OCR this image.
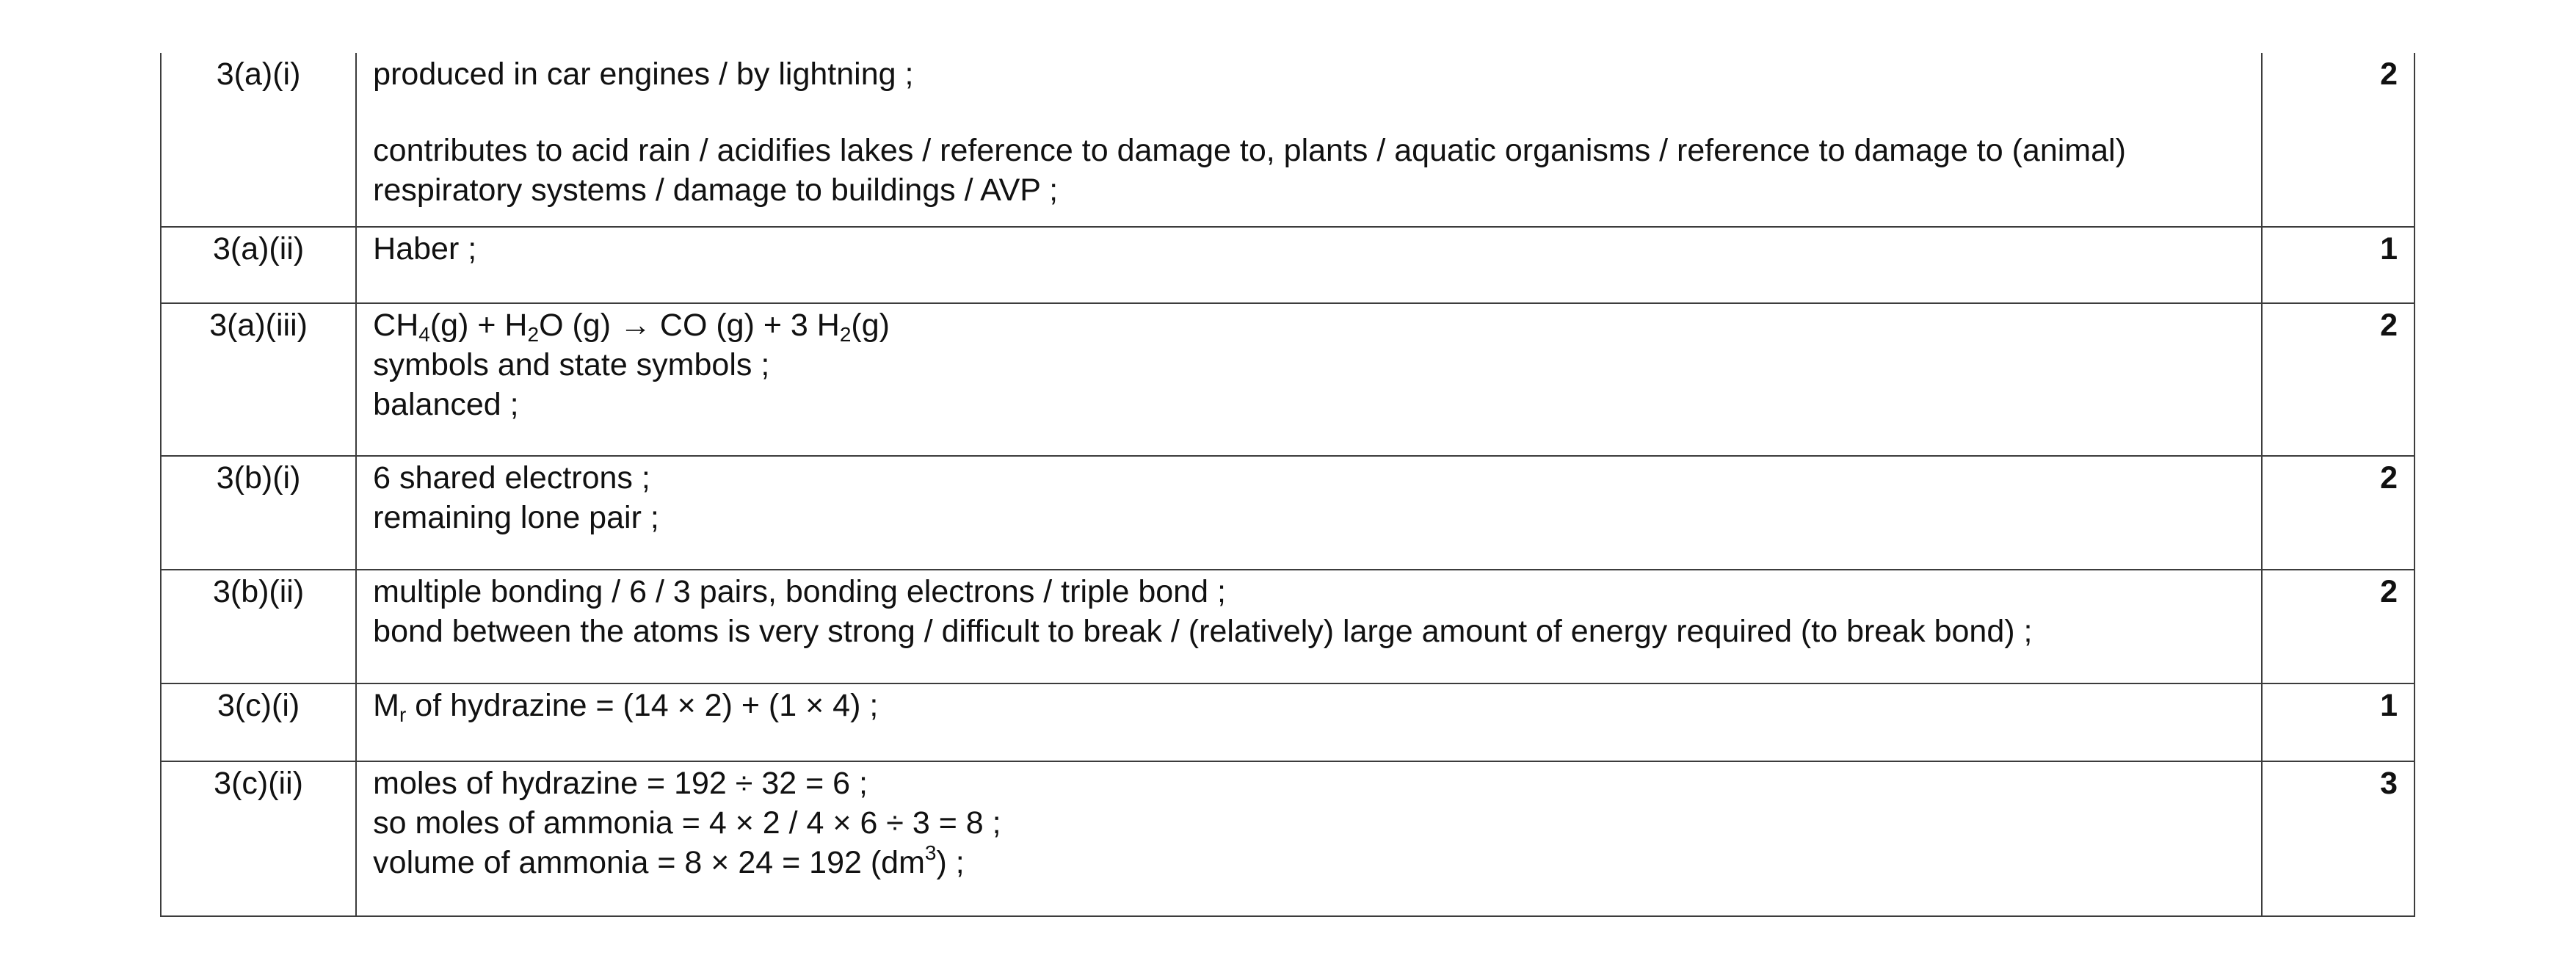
3(a)(i)	produced in car engines / by lightning ;
contributes to acid rain / acidifies lakes / reference to damage to, plants / aquatic organisms / reference to damage to (animal)
respiratory systems / damage to buildings / AVP ;	2
3(a)(ii)	Haber ;	1
3(a)(iii)	$CH_4(g) + H_2O$ (g) → CO (g) + 3 $H_2(g)$
symbols and state symbols ;
balanced ;	2
3(b)(i)	6 shared electrons ;
remaining lone pair ;	2
3(b)(ii)	multiple bonding / 6 / 3 pairs, bonding electrons / triple bond ;
bond between the atoms is very strong / difficult to break / (relatively) large amount of energy required (to break bond) ;	2
3(c)(i)	$M_r$ of hydrazine = (14 × 2) + (1 × 4) ;	1
3(c)(ii)	moles of hydrazine = 192 ÷ 32 = 6 ;
so moles of ammonia = 4 × 2 / 4 × 6 ÷ 3 = 8 ;
volume of ammonia = 8 × 24 = 192 $(dm^3)$ ;	3
